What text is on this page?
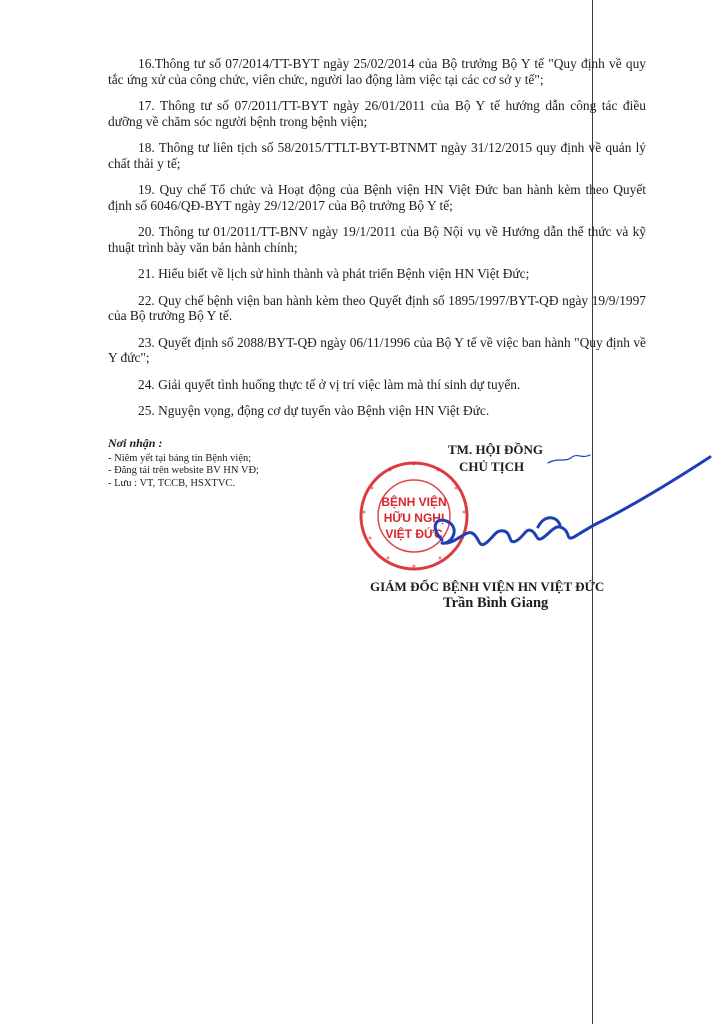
16.Thông tư số 07/2014/TT-BYT ngày 25/02/2014 của Bộ trưởng Bộ Y tế "Quy định về quy tắc ứng xử của công chức, viên chức, người lao động làm việc tại các cơ sở y tế";

17. Thông tư số 07/2011/TT-BYT ngày 26/01/2011 của Bộ Y tế hướng dẫn công tác điều dưỡng về chăm sóc người bệnh trong bệnh viện;

18. Thông tư liên tịch số 58/2015/TTLT-BYT-BTNMT ngày 31/12/2015 quy định về quản lý chất thải y tế;

19. Quy chế Tổ chức và Hoạt động của Bệnh viện HN Việt Đức ban hành kèm theo Quyết định số 6046/QĐ-BYT ngày 29/12/2017 của Bộ trưởng Bộ Y tế;

20. Thông tư 01/2011/TT-BNV ngày 19/1/2011 của Bộ Nội vụ về Hướng dẫn thể thức và kỹ thuật trình bày văn bản hành chính;

21. Hiểu biết về lịch sử hình thành và phát triển Bệnh viện HN Việt Đức;

22. Quy chế bệnh viện ban hành kèm theo Quyết định số 1895/1997/BYT-QĐ ngày 19/9/1997 của Bộ trưởng Bộ Y tế.

23. Quyết định số 2088/BYT-QĐ ngày 06/11/1996 của Bộ Y tế về việc ban hành "Quy định về Y đức";

24. Giải quyết tình huống thực tế ở vị trí việc làm mà thí sinh dự tuyển.

25. Nguyện vọng, động cơ dự tuyển vào Bệnh viện HN Việt Đức.

Nơi nhận :

- Niêm yết tại bảng tin Bệnh viện;

- Đăng tải trên website BV HN VĐ;

- Lưu : VT, TCCB, HSXTVC.

TM. HỘI ĐỒNG
CHỦ TỊCH
GIÁM ĐỐC BỆNH VIỆN HN VIỆT ĐỨC
Trần Bình Giang
BỆNH VIỆN
HỮU NGHỊ
VIỆT ĐỨC
